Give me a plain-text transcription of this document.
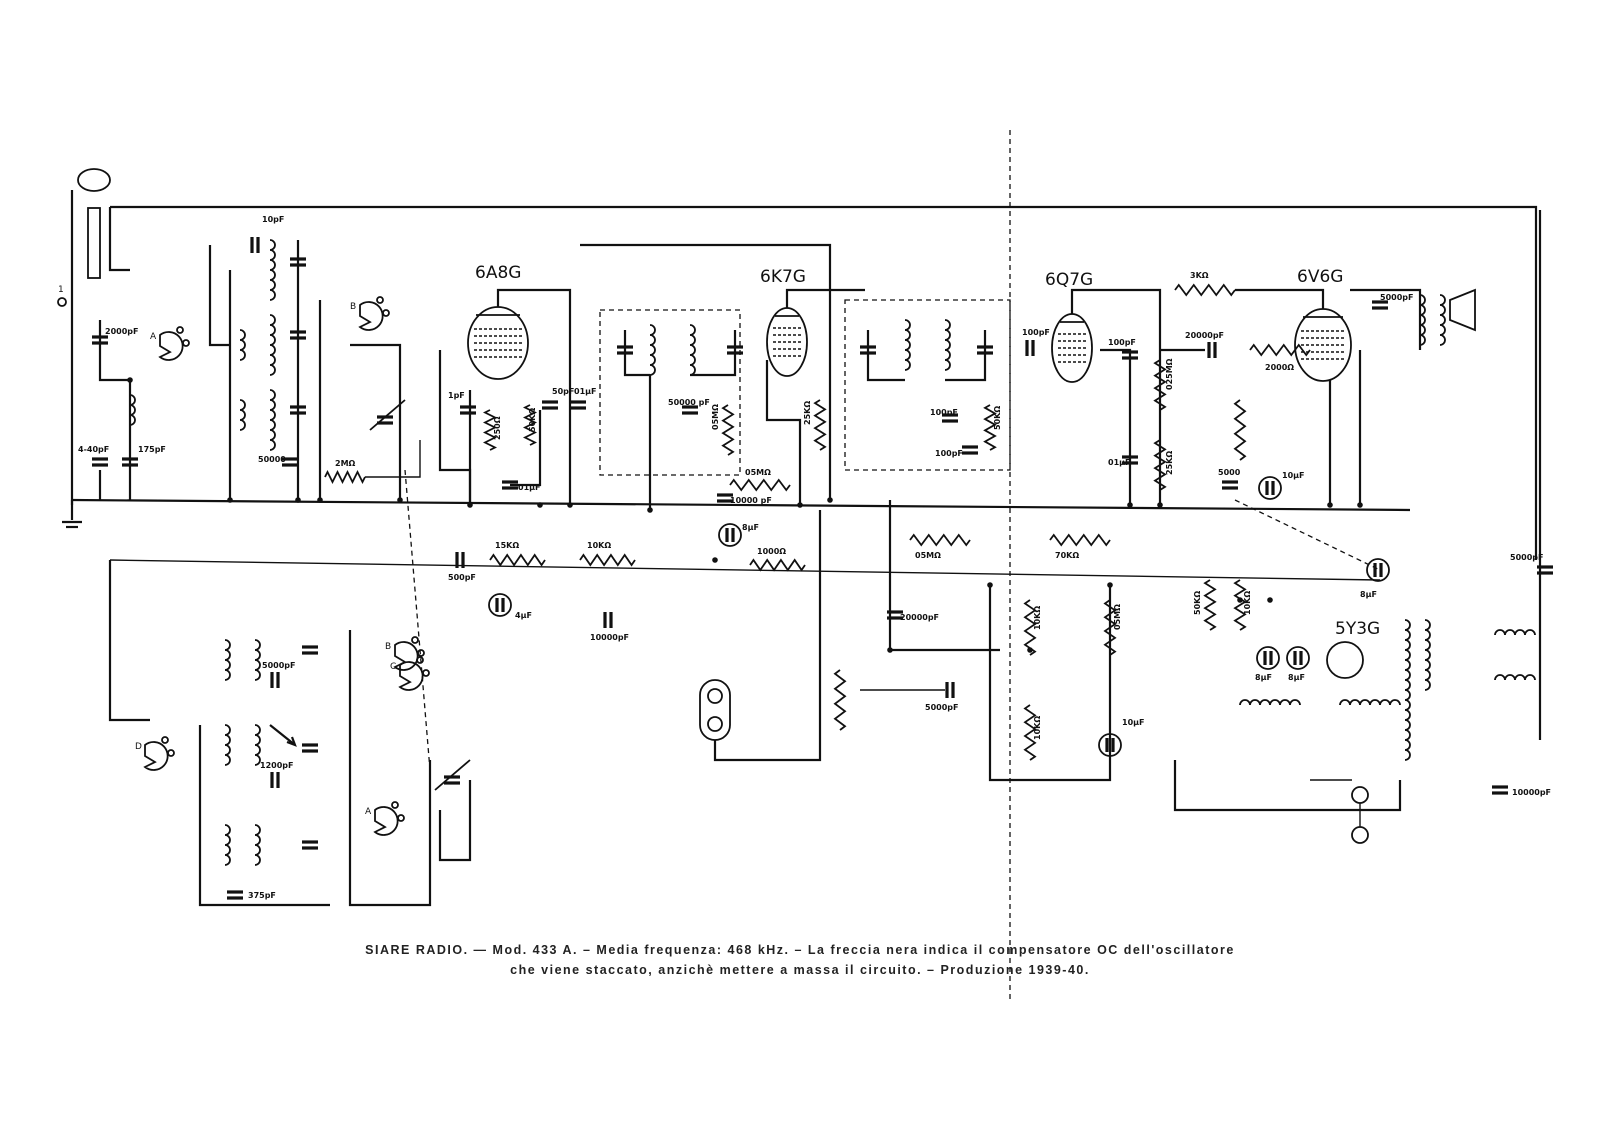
6A8G	6K7G	6Q7G	6V6G
5Y3G
1
2000pF
175pF
4-40pF
10pF
50000	2MΩ
1pF
250Ω	50KΩ
01µF
50pF 01µF
50000 pF
05MΩ	25KΩ
05MΩ
10000 pF
100pF
100pF
50KΩ
100pF
100pF
025MΩ
25KΩ
01µF
3KΩ
20000pF
2000Ω
5000	10µF
5000pF
500pF
15KΩ	10KΩ
4µF
10000pF
8µF
1000Ω	05MΩ	70KΩ
20000pF	10KΩ	05MΩ
10KΩ	10µF
5000pF
50KΩ	10KΩ
8µF 8µF
8µF
10000pF
5000pF
5000pF
1200pF
375pF
A
B
C
D
A
B
SIARE RADIO. — Mod. 433 A. – Media frequenza: 468 kHz. – La freccia nera indica il compensatore OC dell'oscillatore
che viene staccato, anzichè mettere a massa il circuito. – Produzione 1939-40.
